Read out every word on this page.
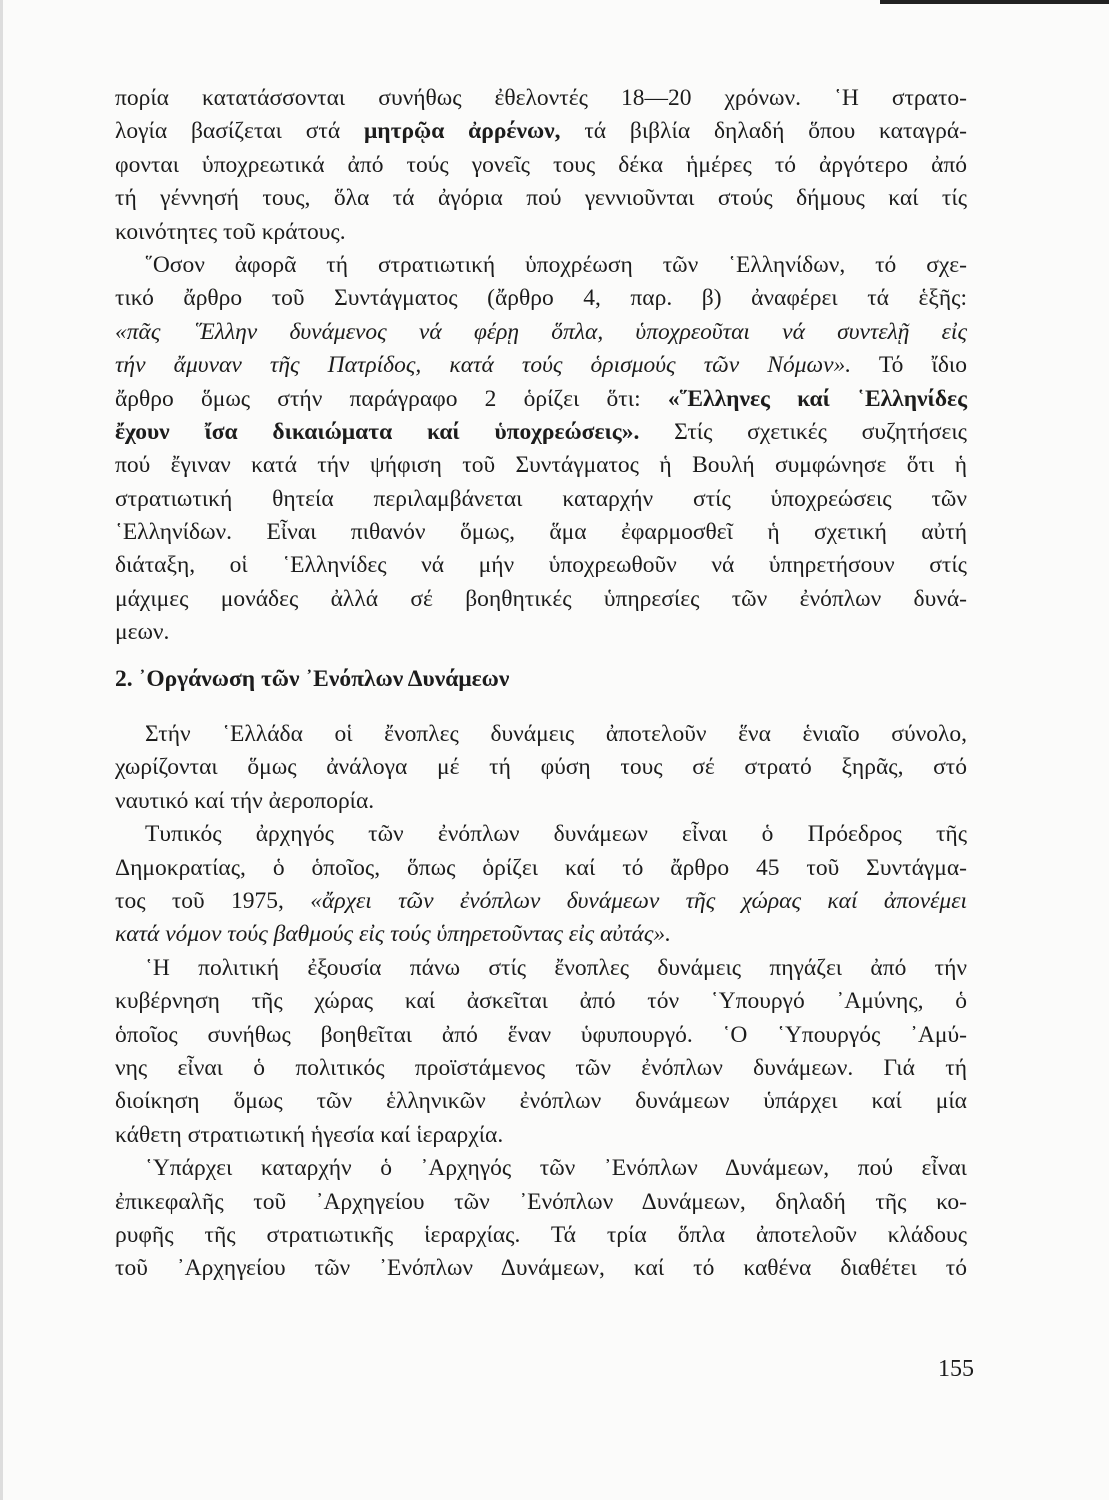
πορία κατατάσσονται συνήθως ἐθελοντές 18—20 χρόνων. ῾Η στρατο-
λογία βασίζεται στά μητρῷα ἀρρένων, τά βιβλία δηλαδή ὅπου καταγρά-
φονται ὑποχρεωτικά ἀπό τούς γονεῖς τους δέκα ἡμέρες τό ἀργότερο ἀπό
τή γέννησή τους, ὅλα τά ἀγόρια πού γεννιοῦνται στούς δήμους καί τίς
κοινότητες τοῦ κράτους.
῞Οσον ἀφορᾶ τή στρατιωτική ὑποχρέωση τῶν ῾Ελληνίδων, τό σχε-
τικό ἄρθρο τοῦ Συντάγματος (ἄρθρο 4, παρ. β) ἀναφέρει τά ἑξῆς:
«πᾶς ῞Ελλην δυνάμενος νά φέρῃ ὅπλα, ὑποχρεοῦται νά συντελῇ εἰς
τήν ἄμυναν τῆς Πατρίδος, κατά τούς ὁρισμούς τῶν Νόμων». Τό ἴδιο
ἄρθρο ὅμως στήν παράγραφο 2 ὁρίζει ὅτι: «῞Ελληνες καί ῾Ελληνίδες
ἔχουν ἴσα δικαιώματα καί ὑποχρεώσεις». Στίς σχετικές συζητήσεις
πού ἔγιναν κατά τήν ψήφιση τοῦ Συντάγματος ἡ Βουλή συμφώνησε ὅτι ἡ
στρατιωτική θητεία περιλαμβάνεται καταρχήν στίς ὑποχρεώσεις τῶν
῾Ελληνίδων. Εἶναι πιθανόν ὅμως, ἅμα ἐφαρμοσθεῖ ἡ σχετική αὐτή
διάταξη, οἱ ῾Ελληνίδες νά μήν ὑποχρεωθοῦν νά ὑπηρετήσουν στίς
μάχιμες μονάδες ἀλλά σέ βοηθητικές ὑπηρεσίες τῶν ἐνόπλων δυνά-
μεων.
2. ᾿Οργάνωση τῶν ᾿Ενόπλων Δυνάμεων
Στήν ῾Ελλάδα οἱ ἔνοπλες δυνάμεις ἀποτελοῦν ἕνα ἑνιαῖο σύνολο,
χωρίζονται ὅμως ἀνάλογα μέ τή φύση τους σέ στρατό ξηρᾶς, στό
ναυτικό καί τήν ἀεροπορία.
Τυπικός ἀρχηγός τῶν ἐνόπλων δυνάμεων εἶναι ὁ Πρόεδρος τῆς
Δημοκρατίας, ὁ ὁποῖος, ὅπως ὁρίζει καί τό ἄρθρο 45 τοῦ Συντάγμα-
τος τοῦ 1975, «ἄρχει τῶν ἐνόπλων δυνάμεων τῆς χώρας καί ἀπονέμει
κατά νόμον τούς βαθμούς εἰς τούς ὑπηρετοῦντας εἰς αὐτάς».
῾Η πολιτική ἐξουσία πάνω στίς ἔνοπλες δυνάμεις πηγάζει ἀπό τήν
κυβέρνηση τῆς χώρας καί ἀσκεῖται ἀπό τόν ῾Υπουργό ᾿Αμύνης, ὁ
ὁποῖος συνήθως βοηθεῖται ἀπό ἕναν ὑφυπουργό. ῾Ο ῾Υπουργός ᾿Αμύ-
νης εἶναι ὁ πολιτικός προϊστάμενος τῶν ἐνόπλων δυνάμεων. Γιά τή
διοίκηση ὅμως τῶν ἑλληνικῶν ἐνόπλων δυνάμεων ὑπάρχει καί μία
κάθετη στρατιωτική ἡγεσία καί ἱεραρχία.
῾Υπάρχει καταρχήν ὁ ᾿Αρχηγός τῶν ᾿Ενόπλων Δυνάμεων, πού εἶναι
ἐπικεφαλῆς τοῦ ᾿Αρχηγείου τῶν ᾿Ενόπλων Δυνάμεων, δηλαδή τῆς κο-
ρυφῆς τῆς στρατιωτικῆς ἱεραρχίας. Τά τρία ὅπλα ἀποτελοῦν κλάδους
τοῦ ᾿Αρχηγείου τῶν ᾿Ενόπλων Δυνάμεων, καί τό καθένα διαθέτει τό
155
